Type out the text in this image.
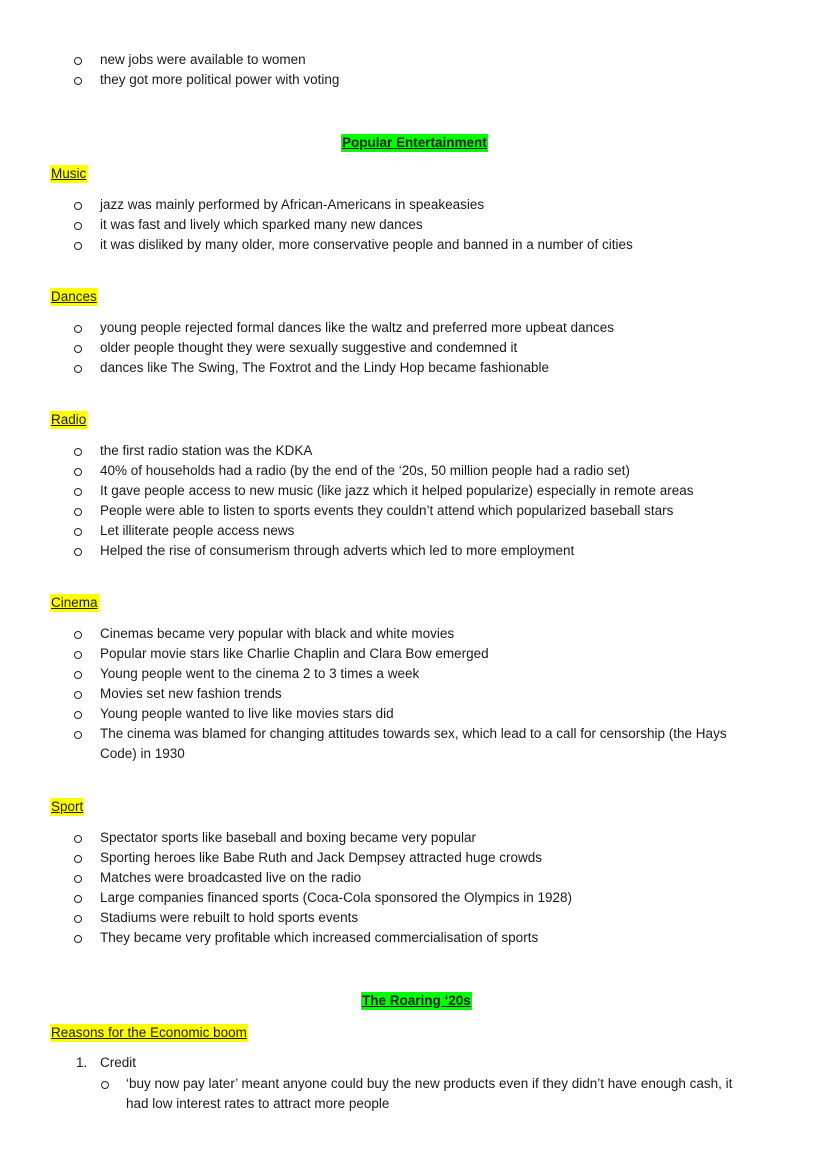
new jobs were available to women
they got more political power with voting
Popular Entertainment
Music
jazz was mainly performed by African-Americans in speakeasies
it was fast and lively which sparked many new dances
it was disliked by many older, more conservative people and banned in a number of cities
Dances
young people rejected formal dances like the waltz and preferred more upbeat dances
older people thought they were sexually suggestive and condemned it
dances like The Swing, The Foxtrot and the Lindy Hop became fashionable
Radio
the first radio station was the KDKA
40% of households had a radio (by the end of the ‘20s, 50 million people had a radio set)
It gave people access to new music (like jazz which it helped popularize) especially in remote areas
People were able to listen to sports events they couldn’t attend which popularized baseball stars
Let illiterate people access news
Helped the rise of consumerism through adverts which led to more employment
Cinema
Cinemas became very popular with black and white movies
Popular movie stars like Charlie Chaplin and Clara Bow emerged
Young people went to the cinema 2 to 3 times a week
Movies set new fashion trends
Young people wanted to live like movies stars did
The cinema was blamed for changing attitudes towards sex, which lead to a call for censorship (the Hays
Code) in 1930
Sport
Spectator sports like baseball and boxing became very popular
Sporting heroes like Babe Ruth and Jack Dempsey attracted huge crowds
Matches were broadcasted live on the radio
Large companies financed sports (Coca-Cola sponsored the Olympics in 1928)
Stadiums were rebuilt to hold sports events
They became very profitable which increased commercialisation of sports
The Roaring ‘20s
Reasons for the Economic boom
1. Credit
‘buy now pay later’ meant anyone could buy the new products even if they didn’t have enough cash, it
had low interest rates to attract more people
